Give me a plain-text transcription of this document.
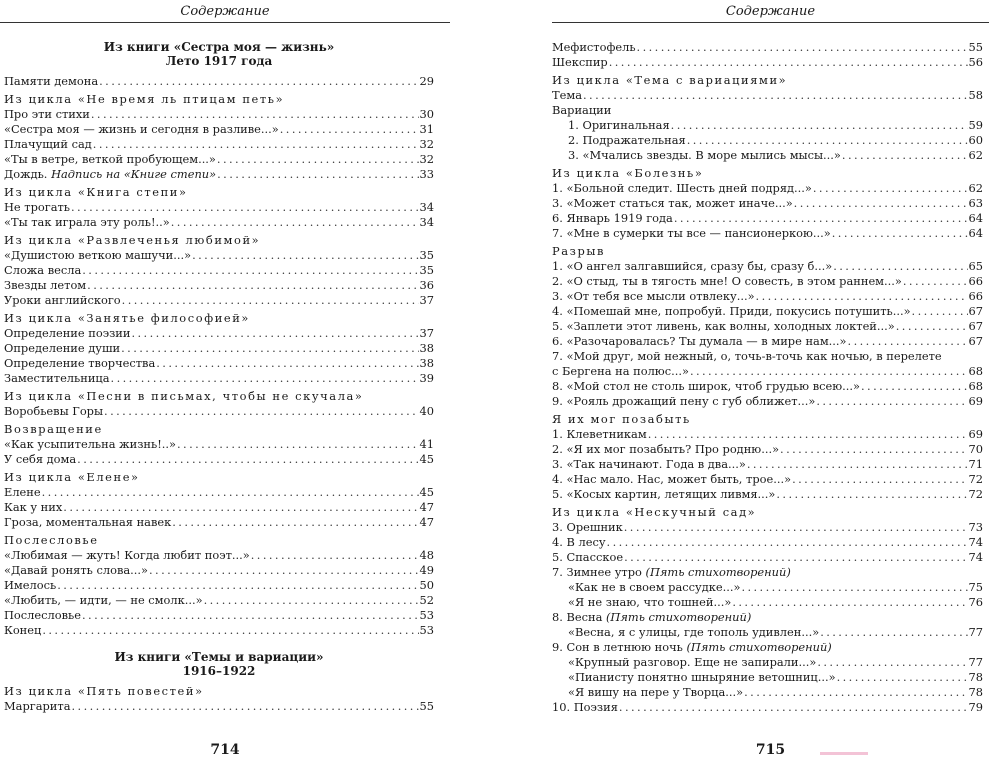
Содержание
Из книги «Сестра моя — жизнь»
Лето 1917 года
Памяти демона . . .	29
Из цикла «Не время ль птицам петь»
Про эти стихи . . .	30
«Сестра моя — жизнь и сегодня в разливе...» . . .	31
Плачущий сад . . .	32
«Ты в ветре, веткой пробующем...» . . .	32
Дождь. Надпись на «Книге степи» . . .	33
Из цикла «Книга степи»
Не трогать . . .	34
«Ты так играла эту роль!..» . . .	34
Из цикла «Развлеченья любимой»
«Душистою веткою машучи...» . . .	35
Сложа весла . . .	35
Звезды летом . . .	36
Уроки английского . . .	37
Из цикла «Занятье философией»
Определение поэзии . . .	37
Определение души . . .	38
Определение творчества . . .	38
Заместительница . . .	39
Из цикла «Песни в письмах, чтобы не скучала»
Воробьевы Горы . . .	40
Возвращение
«Как усыпительна жизнь!..» . . .	41
У себя дома . . .	45
Из цикла «Елене»
Елене . . .	45
Как у них . . .	47
Гроза, моментальная навек . . .	47
Послесловье
«Любимая — жуть! Когда любит поэт...» . . .	48
«Давай ронять слова...» . . .	49
Имелось . . .	50
«Любить, — идти, — не смолк...» . . .	52
Послесловье . . .	53
Конец . . .	53
Из книги «Темы и вариации»
1916–1922
Из цикла «Пять повестей»
Маргарита . . .	55
714
Содержание
Мефистофель . . .	55
Шекспир . . .	56
Из цикла «Тема с вариациями»
Тема . . .	58
Вариации
1. Оригинальная . . .	59
2. Подражательная . . .	60
3. «Мчались звезды. В море мылись мысы...» . . .	62
Из цикла «Болезнь»
1. «Больной следит. Шесть дней подряд...» . . .	62
3. «Может статься так, может иначе...» . . .	63
6. Январь 1919 года . . .	64
7. «Мне в сумерки ты все — пансионеркою...» . . .	64
Разрыв
1. «О ангел залгавшийся, сразу бы, сразу б...» . . .	65
2. «О стыд, ты в тягость мне! О совесть, в этом раннем...» . . .	66
3. «От тебя все мысли отвлеку...» . . .	66
4. «Помешай мне, попробуй. Приди, покусись потушить...» . . .	67
5. «Заплети этот ливень, как волны, холодных локтей...» . . .	67
6. «Разочаровалась? Ты думала — в мире нам...» . . .	67
7. «Мой друг, мой нежный, о, точь-в-точь как ночью, в перелете
с Бергена на полюс...» . . .	68
8. «Мой стол не столь широк, чтоб грудью всею...» . . .	68
9. «Рояль дрожащий пену с губ оближет...» . . .	69
Я их мог позабыть
1. Клеветникам . . .	69
2. «Я их мог позабыть? Про родню...» . . .	70
3. «Так начинают. Года в два...» . . .	71
4. «Нас мало. Нас, может быть, трое...» . . .	72
5. «Косых картин, летящих ливмя...» . . .	72
Из цикла «Нескучный сад»
3. Орешник . . .	73
4. В лесу . . .	74
5. Спасское . . .	74
7. Зимнее утро (Пять стихотворений)
«Как не в своем рассудке...» . . .	75
«Я не знаю, что тошней...» . . .	76
8. Весна (Пять стихотворений)
«Весна, я с улицы, где тополь удивлен...» . . .	77
9. Сон в летнюю ночь (Пять стихотворений)
«Крупный разговор. Еще не запирали...» . . .	77
«Пианисту понятно шныряние ветошниц...» . . .	78
«Я вишу на пере у Творца...» . . .	78
10. Поэзия . . .	79
715
